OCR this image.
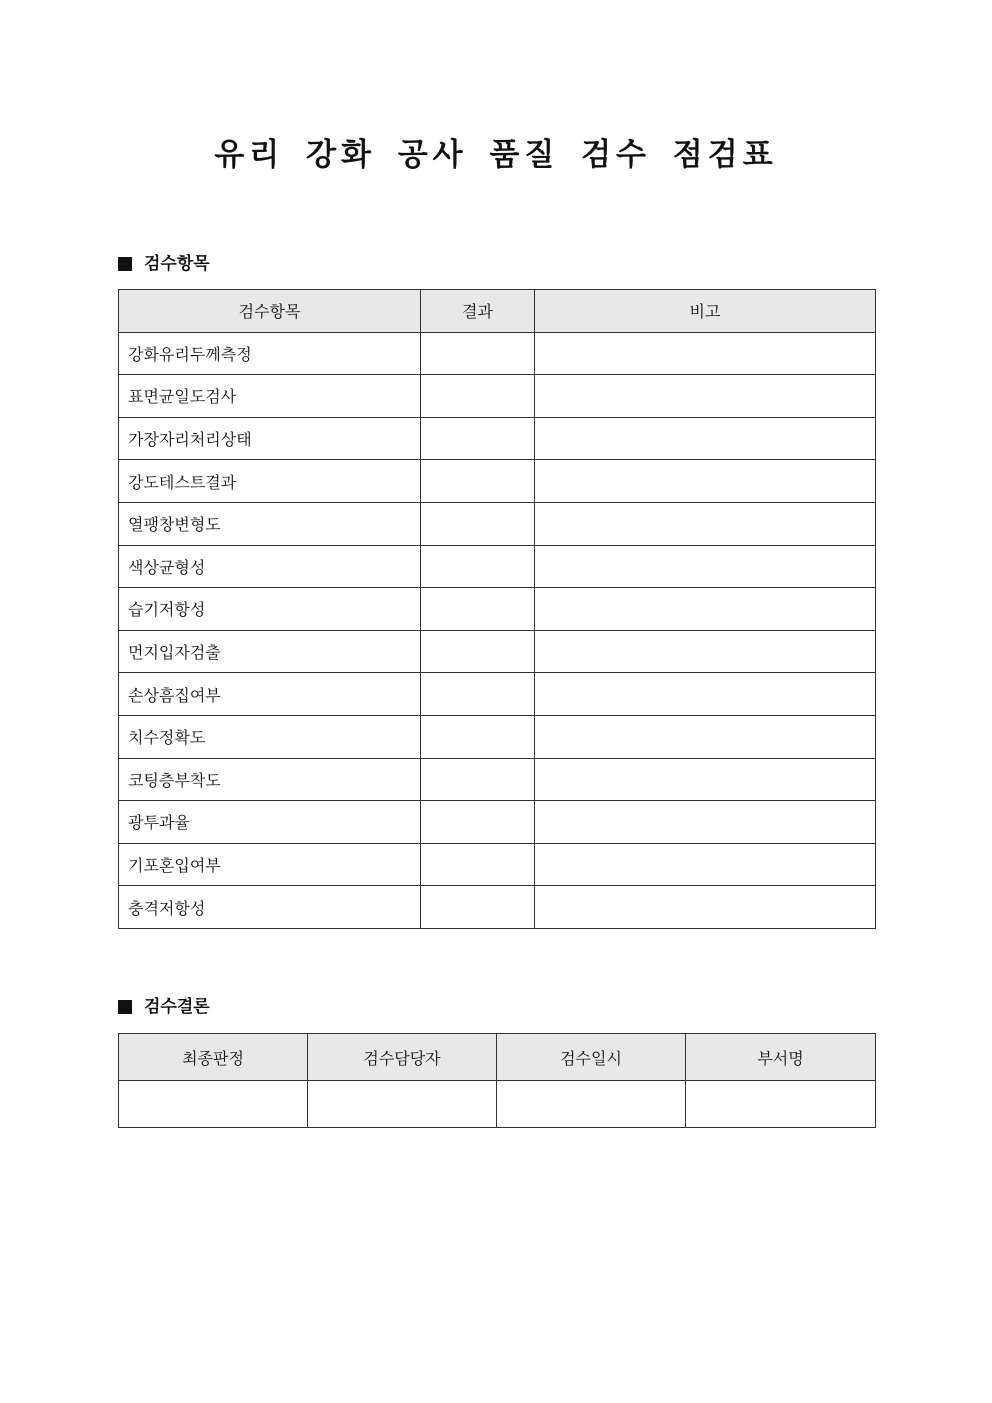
유리 강화 공사 품질 검수 점검표
검수항목
검수항목	결과	비고
강화유리두께측정		
표면균일도검사		
가장자리처리상태		
강도테스트결과		
열팽창변형도		
색상균형성		
습기저항성		
먼지입자검출		
손상흠집여부		
치수정확도		
코팅층부착도		
광투과율		
기포혼입여부		
충격저항성		
검수결론
최종판정	검수담당자	검수일시	부서명
